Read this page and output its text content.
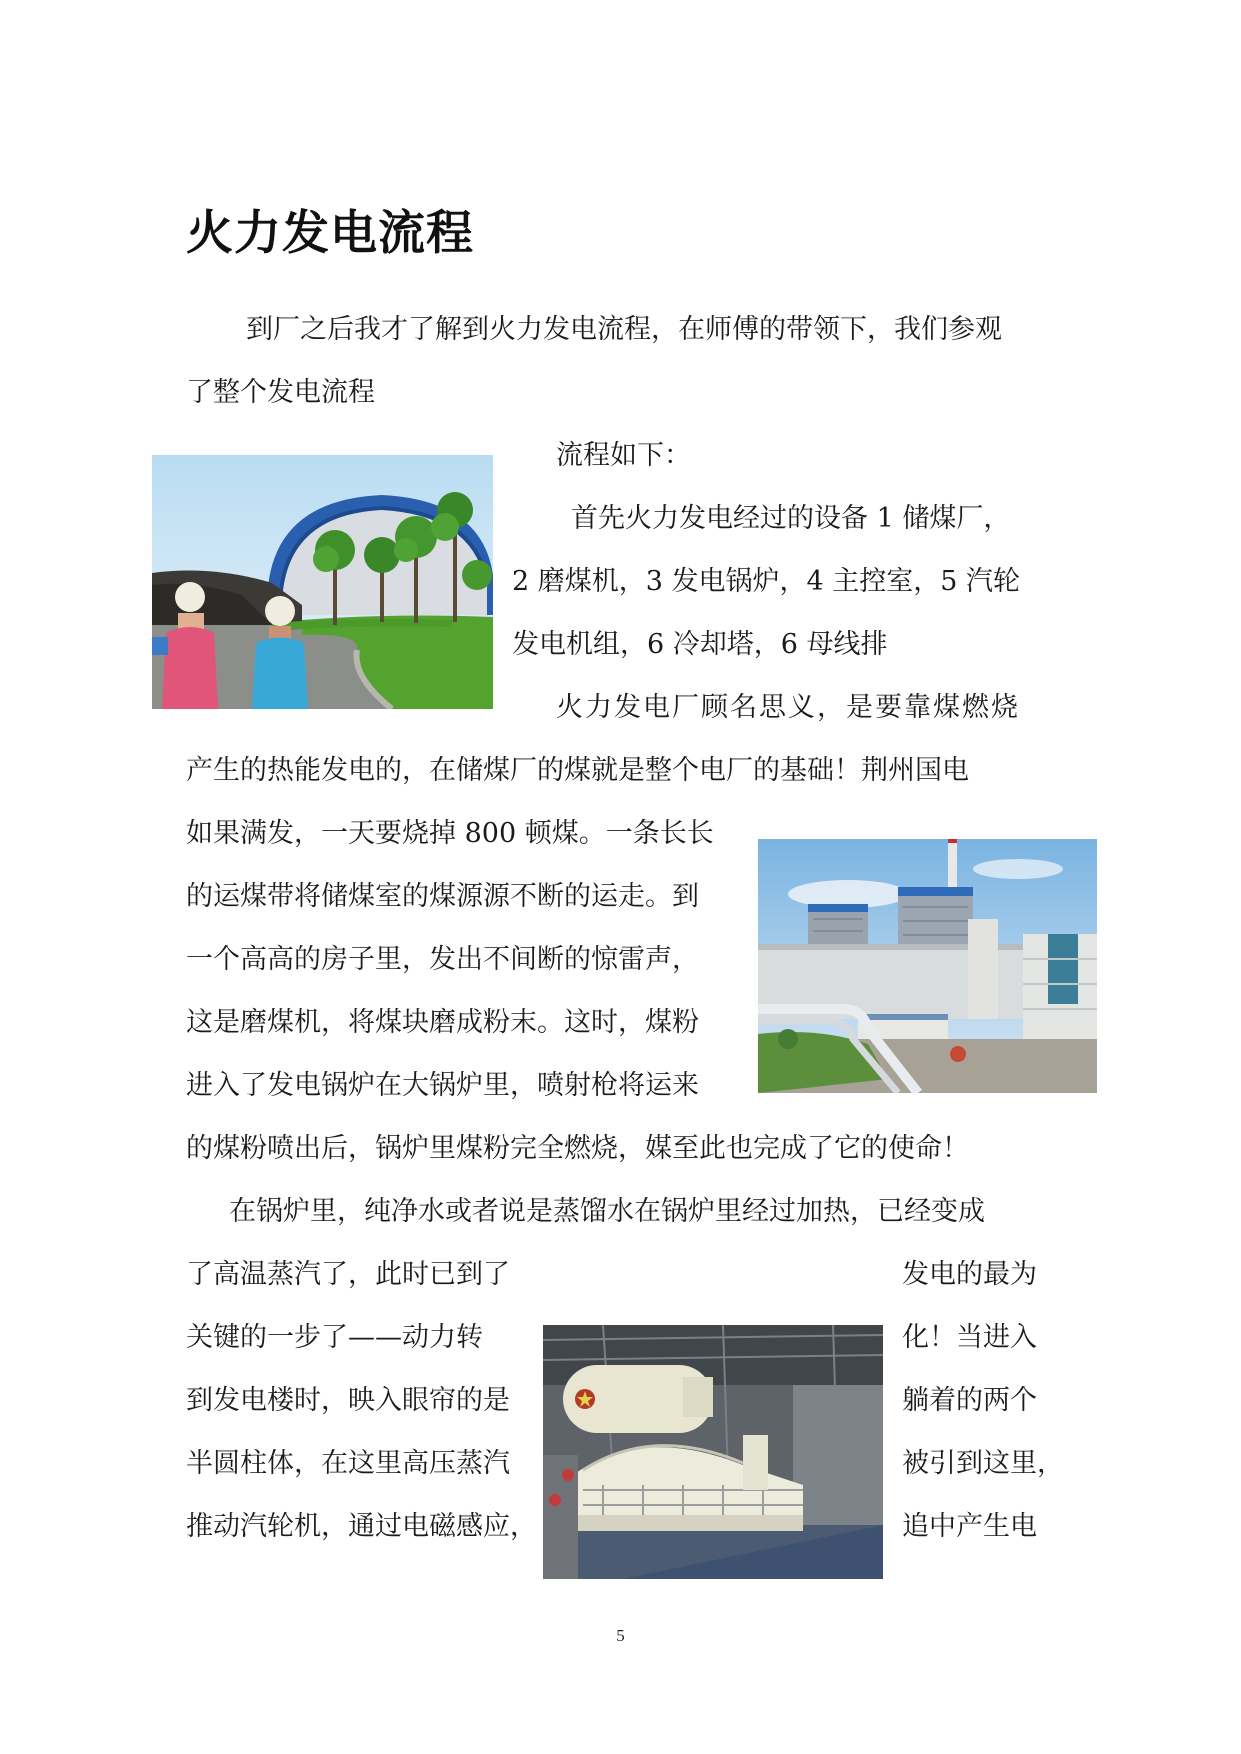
火力发电流程
到厂之后我才了解到火力发电流程，在师傅的带领下，我们参观
了整个发电流程
流程如下：
首先火力发电经过的设备 1 储煤厂，
2 磨煤机，3 发电锅炉，4 主控室，5 汽轮
发电机组，6 冷却塔，6 母线排
火力发电厂顾名思义，是要靠煤燃烧
产生的热能发电的，在储煤厂的煤就是整个电厂的基础！荆州国电
如果满发，一天要烧掉 800 顿煤。一条长长
的运煤带将储煤室的煤源源不断的运走。到
一个高高的房子里，发出不间断的惊雷声，
这是磨煤机，将煤块磨成粉末。这时，煤粉
进入了发电锅炉在大锅炉里，喷射枪将运来
的煤粉喷出后，锅炉里煤粉完全燃烧，媒至此也完成了它的使命！
在锅炉里，纯净水或者说是蒸馏水在锅炉里经过加热，已经变成
了高温蒸汽了，此时已到了
关键的一步了——动力转
到发电楼时，映入眼帘的是
半圆柱体，在这里高压蒸汽
推动汽轮机，通过电磁感应，
发电的最为
化！当进入
躺着的两个
被引到这里，
追中产生电
5
